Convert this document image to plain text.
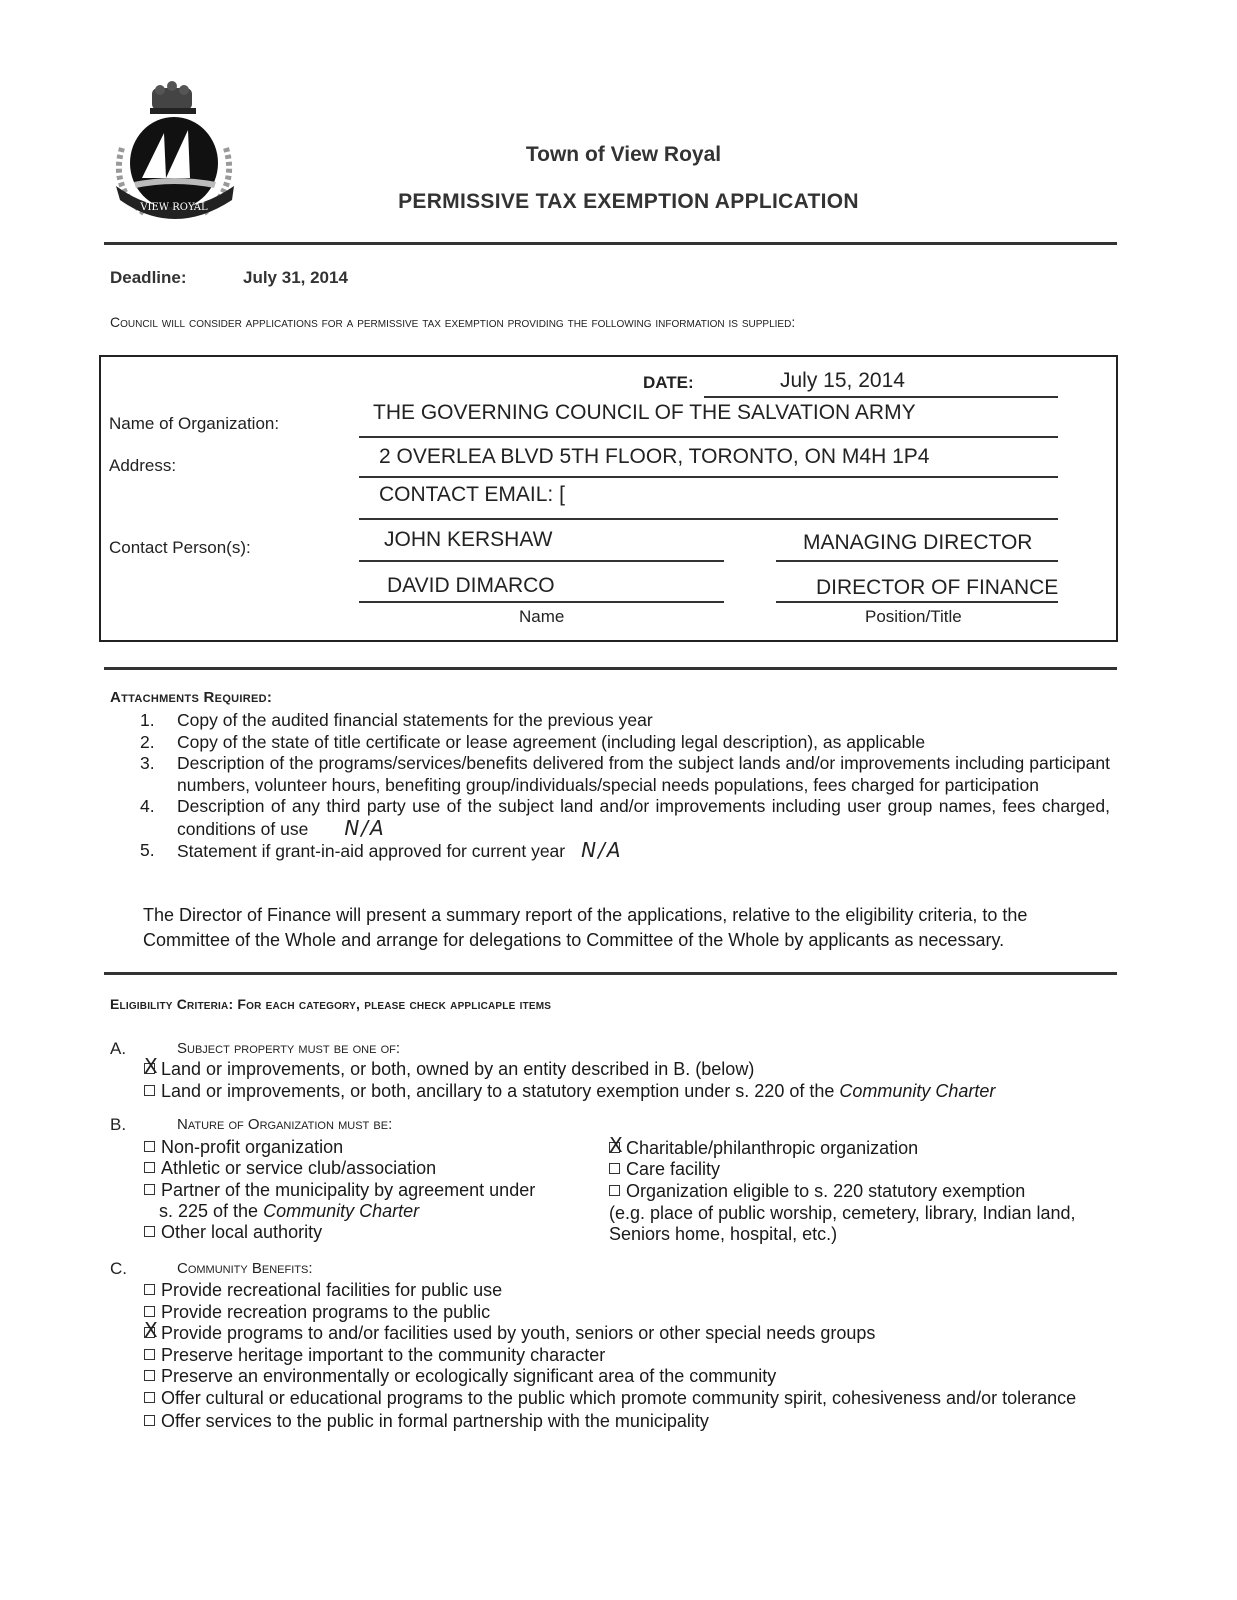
VIEW ROYAL
Town of View Royal
PERMISSIVE TAX EXEMPTION APPLICATION
Deadline:	July 31, 2014
Council will consider applications for a permissive tax exemption providing the following information is supplied:
DATE:	July 15, 2014
Name of Organization:	THE GOVERNING COUNCIL OF THE SALVATION ARMY
Address:	2 OVERLEA BLVD 5TH FLOOR, TORONTO, ON M4H 1P4
CONTACT EMAIL: [
Contact Person(s):	JOHN KERSHAW	MANAGING DIRECTOR
DAVID DIMARCO	DIRECTOR OF FINANCE
Name	Position/Title
Attachments Required:
1.	Copy of the audited financial statements for the previous year
2.	Copy of the state of title certificate or lease agreement (including legal description), as applicable
3.	Description of the programs/services/benefits delivered from the subject lands and/or improvements including participant numbers, volunteer hours, benefiting group/individuals/special needs populations, fees charged for participation
4.	Description of any third party use of the subject land and/or improvements including user group names, fees charged, conditions of use N/A
5.	Statement if grant-in-aid approved for current year N/A
The Director of Finance will present a summary report of the applications, relative to the eligibility criteria, to the Committee of the Whole and arrange for delegations to Committee of the Whole by applicants as necessary.
Eligibility Criteria: For each category, please check applicaple items
A.	Subject property must be one of:
XLand or improvements, or both, owned by an entity described in B. (below)
Land or improvements, or both, ancillary to a statutory exemption under s. 220 of the Community Charter
B.	Nature of Organization must be:
Non-profit organization
Athletic or service club/association
Partner of the municipality by agreement under
s. 225 of the Community Charter
Other local authority
XCharitable/philanthropic organization
Care facility
Organization eligible to s. 220 statutory exemption
(e.g. place of public worship, cemetery, library, Indian land,
Seniors home, hospital, etc.)
C.	Community Benefits:
Provide recreational facilities for public use
Provide recreation programs to the public
XProvide programs to and/or facilities used by youth, seniors or other special needs groups
Preserve heritage important to the community character
Preserve an environmentally or ecologically significant area of the community
Offer cultural or educational programs to the public which promote community spirit, cohesiveness and/or tolerance
Offer services to the public in formal partnership with the municipality
